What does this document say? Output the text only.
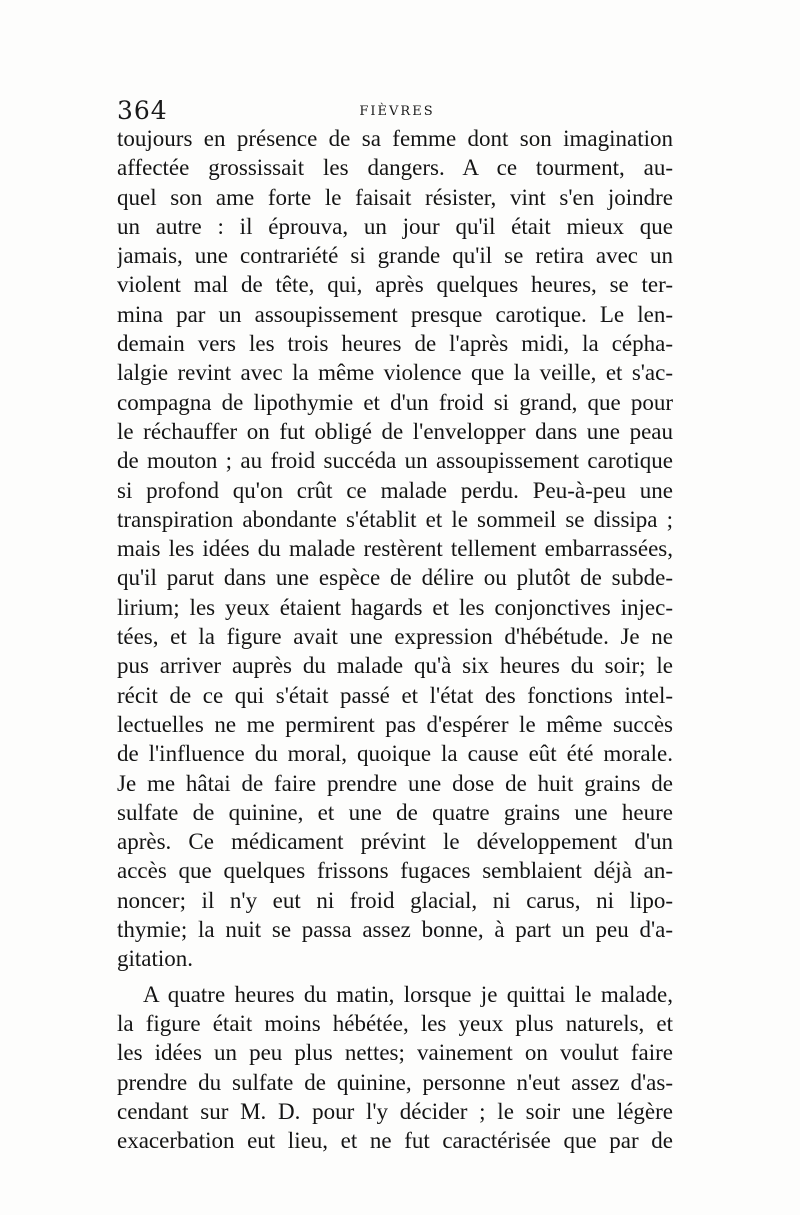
364	FIÈVRES
toujours en présence de sa femme dont son imagination
affectée grossissait les dangers. A ce tourment, au-
quel son ame forte le faisait résister, vint s'en joindre
un autre : il éprouva, un jour qu'il était mieux que
jamais, une contrariété si grande qu'il se retira avec un
violent mal de tête, qui, après quelques heures, se ter-
mina par un assoupissement presque carotique. Le len-
demain vers les trois heures de l'après midi, la cépha-
lalgie revint avec la même violence que la veille, et s'ac-
compagna de lipothymie et d'un froid si grand, que pour
le réchauffer on fut obligé de l'envelopper dans une peau
de mouton ; au froid succéda un assoupissement carotique
si profond qu'on crût ce malade perdu. Peu-à-peu une
transpiration abondante s'établit et le sommeil se dissipa ;
mais les idées du malade restèrent tellement embarrassées,
qu'il parut dans une espèce de délire ou plutôt de subde-
lirium; les yeux étaient hagards et les conjonctives injec-
tées, et la figure avait une expression d'hébétude. Je ne
pus arriver auprès du malade qu'à six heures du soir; le
récit de ce qui s'était passé et l'état des fonctions intel-
lectuelles ne me permirent pas d'espérer le même succès
de l'influence du moral, quoique la cause eût été morale.
Je me hâtai de faire prendre une dose de huit grains de
sulfate de quinine, et une de quatre grains une heure
après. Ce médicament prévint le développement d'un
accès que quelques frissons fugaces semblaient déjà an-
noncer; il n'y eut ni froid glacial, ni carus, ni lipo-
thymie; la nuit se passa assez bonne, à part un peu d'a-
gitation.
A quatre heures du matin, lorsque je quittai le malade,
la figure était moins hébétée, les yeux plus naturels, et
les idées un peu plus nettes; vainement on voulut faire
prendre du sulfate de quinine, personne n'eut assez d'as-
cendant sur M. D. pour l'y décider ; le soir une légère
exacerbation eut lieu, et ne fut caractérisée que par de
